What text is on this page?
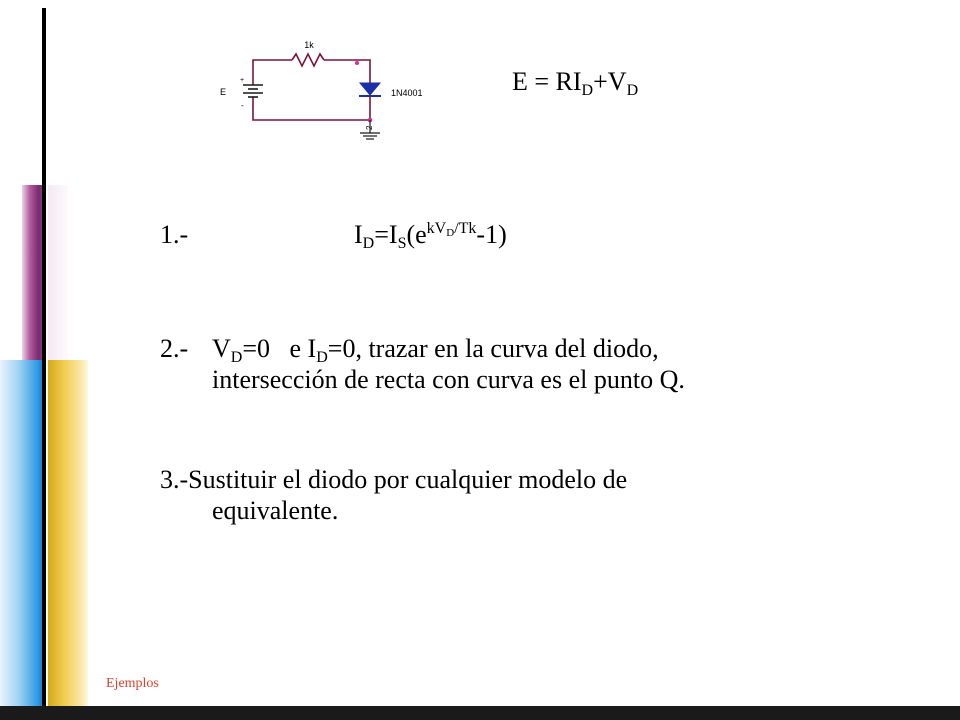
1k
E
+
-
1N4001
2
$E = RI_D+V_D$
1.-	$I_D=I_S(e^{kVD/Tk}-1)$
2.- $V_D=0$   e $I_D=0$, trazar en la curva del diodo,
intersección de recta con curva es el punto Q.
3.-Sustituir el diodo por cualquier modelo de
equivalente.
Ejemplos
